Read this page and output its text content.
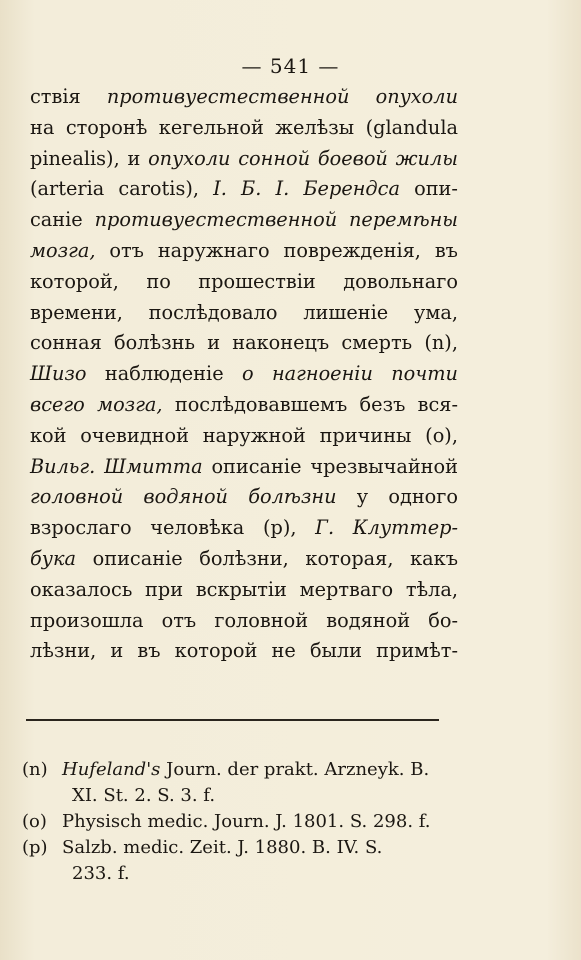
— 541 —
ствія противуестественной опухоли
на сторонѣ кегельной желѣзы (glandula
pinealis), и опухоли сонной боевой жилы
(arteria carotis), І. Б. І. Берендса опи-
саніе противуестественной перемѣны
мозга, отъ наружнаго поврежденія, въ
которой, по прошествіи довольнаго
времени, послѣдовало лишеніе ума,
сонная болѣзнь и наконецъ смерть (n),
Шизо наблюденіе о нагноеніи почти
всего мозга, послѣдовавшемъ безъ вся-
кой очевидной наружной причины (o),
Вильг. Шмитта описаніе чрезвычайной
головной водяной болѣзни у одного
взрослаго человѣка (p), Г. Клуттер-
бука описаніе болѣзни, которая, какъ
оказалось при вскрытіи мертваго тѣла,
произошла отъ головной водяной бо-
лѣзни, и въ которой не были примѣт-
(n) Hufeland's Journ. der prakt. Arzneyk. B.
XI. St. 2. S. 3. f.
(o) Physisch medic. Journ. J. 1801. S. 298. f.
(p) Salzb. medic. Zeit. J. 1880. B. IV. S.
233. f.
